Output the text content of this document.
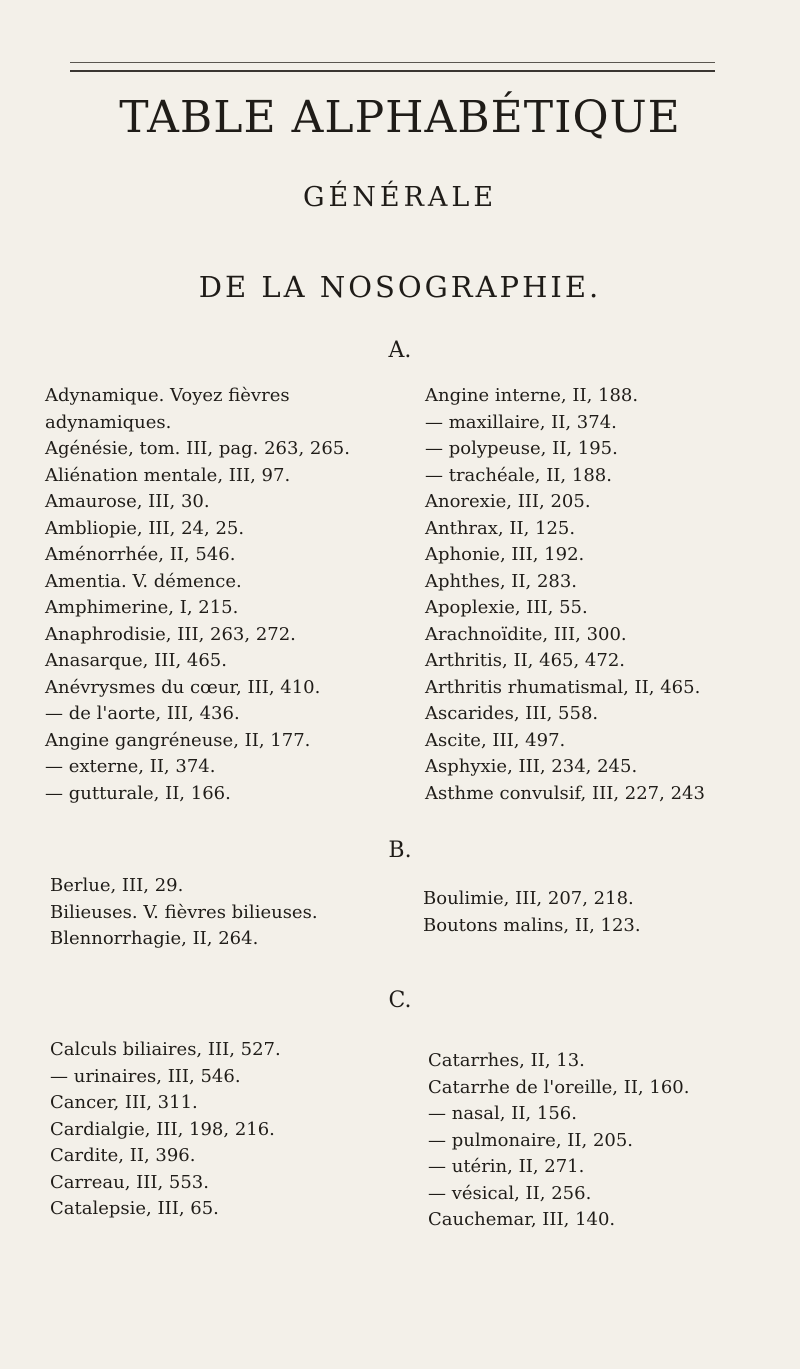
TABLE ALPHABÉTIQUE
GÉNÉRALE
DE LA NOSOGRAPHIE.
A.
Adynamique. Voyez fièvres adynamiques.
Agénésie, tom. III, pag. 263, 265.
Aliénation mentale, III, 97.
Amaurose, III, 30.
Ambliopie, III, 24, 25.
Aménorrhée, II, 546.
Amentia. V. démence.
Amphimerine, I, 215.
Anaphrodisie, III, 263, 272.
Anasarque, III, 465.
Anévrysmes du cœur, III, 410.
— de l'aorte, III, 436.
Angine gangréneuse, II, 177.
— externe, II, 374.
— gutturale, II, 166.
Angine interne, II, 188.
— maxillaire, II, 374.
— polypeuse, II, 195.
— trachéale, II, 188.
Anorexie, III, 205.
Anthrax, II, 125.
Aphonie, III, 192.
Aphthes, II, 283.
Apoplexie, III, 55.
Arachnoïdite, III, 300.
Arthritis, II, 465, 472.
Arthritis rhumatismal, II, 465.
Ascarides, III, 558.
Ascite, III, 497.
Asphyxie, III, 234, 245.
Asthme convulsif, III, 227, 243
B.
Berlue, III, 29.
Bilieuses. V. fièvres bilieuses.
Blennorrhagie, II, 264.
Boulimie, III, 207, 218.
Boutons malins, II, 123.
C.
Calculs biliaires, III, 527.
— urinaires, III, 546.
Cancer, III, 311.
Cardialgie, III, 198, 216.
Cardite, II, 396.
Carreau, III, 553.
Catalepsie, III, 65.
Catarrhes, II, 13.
Catarrhe de l'oreille, II, 160.
— nasal, II, 156.
— pulmonaire, II, 205.
— utérin, II, 271.
— vésical, II, 256.
Cauchemar, III, 140.
